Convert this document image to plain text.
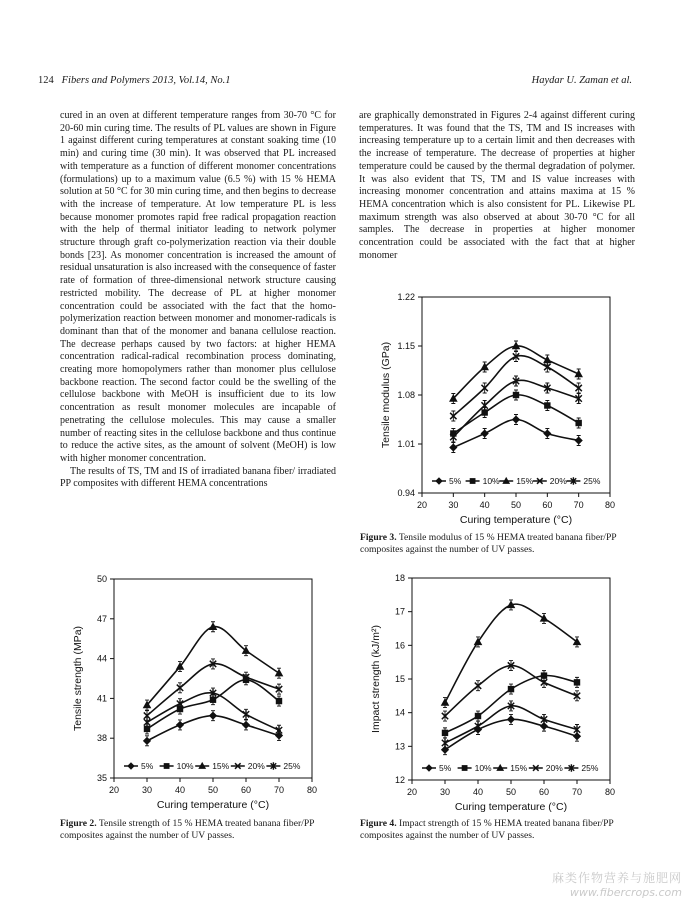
124 Fibers and Polymers 2013, Vol.14, No.1	Haydar U. Zaman et al.

cured in an oven at different temperature ranges from 30-70 °C for 20-60 min curing time. The results of PL values are shown in Figure 1 against different curing temperatures at constant soaking time (10 min) and curing time (30 min). It was observed that PL increased with temperature as a function of different monomer concentrations (formulations) up to a maximum value (6.5 %) with 15 % HEMA solution at 50 °C for 30 min curing time, and then begins to decrease with the increase of temperature. At low temperature PL is less because monomer promotes rapid free radical propagation reaction with the help of thermal initiator leading to network polymer structure through graft co-polymerization reaction via their double bonds [23]. As monomer concentration is increased the amount of residual unsaturation is also increased with the consequence of faster rate of formation of three-dimensional network structure causing restricted mobility. The decrease of PL at higher monomer concentration could be associated with the fact that the homo-polymerization reaction between monomer and monomer-radicals is dominant than that of the monomer and banana cellulose reaction. The decrease perhaps caused by two factors: at higher HEMA concentration radical-radical recombination process dominating, creating more homopolymers rather than monomer plus cellulose backbone reaction. The second factor could be the swelling of the cellulose backbone with MeOH is insufficient due to its low concentration as result monomer molecules are incapable of penetrating the cellulose molecules. This may cause a smaller number of reacting sites in the cellulose backbone and thus continue to reduce the active sites, as the amount of solvent (MeOH) is low with higher monomer concentration.

The results of TS, TM and IS of irradiated banana fiber/ irradiated PP composites with different HEMA concentrations

are graphically demonstrated in Figures 2-4 against different curing temperatures. It was found that the TS, TM and IS increases with increasing temperature up to a certain limit and then decreases with the increase of temperature. The decrease of properties at higher temperature could be caused by the thermal degradation of polymer. It was also evident that TS, TM and IS value increases with increasing monomer concentration and attains maxima at 15 % HEMA concentration which is also consistent for PL. Likewise PL maximum strength was also observed at about 30-70 °C for all samples. The decrease in properties at higher monomer concentration could be associated with the fact that at higher monomer

20 30 40 50 60 70 80
0.94
1.01
1.08
1.15
1.22
Curing temperature (°C)
Tensile modulus (GPa)
5%	10% 15% 20% 25%
Figure 3. Tensile modulus of 15 % HEMA treated banana fiber/PP composites against the number of UV passes.
20	30	40	50	60	70	80
35
38
41
44
47
50
Curing temperature (°C)
Tensile strength (MPa)
5%	10% 15% 20% 25%
Figure 2. Tensile strength of 15 % HEMA treated banana fiber/PP composites against the number of UV passes.
20	30	40	50	60	70	80
12
13
14
15
16
17
18
Curing temperature (°C)
Impact strength (kJ/m²)
5%	10% 15% 20% 25%
Figure 4. Impact strength of 15 % HEMA treated banana fiber/PP composites against the number of UV passes.
麻类作物营养与施肥网
www.fibercrops.com
